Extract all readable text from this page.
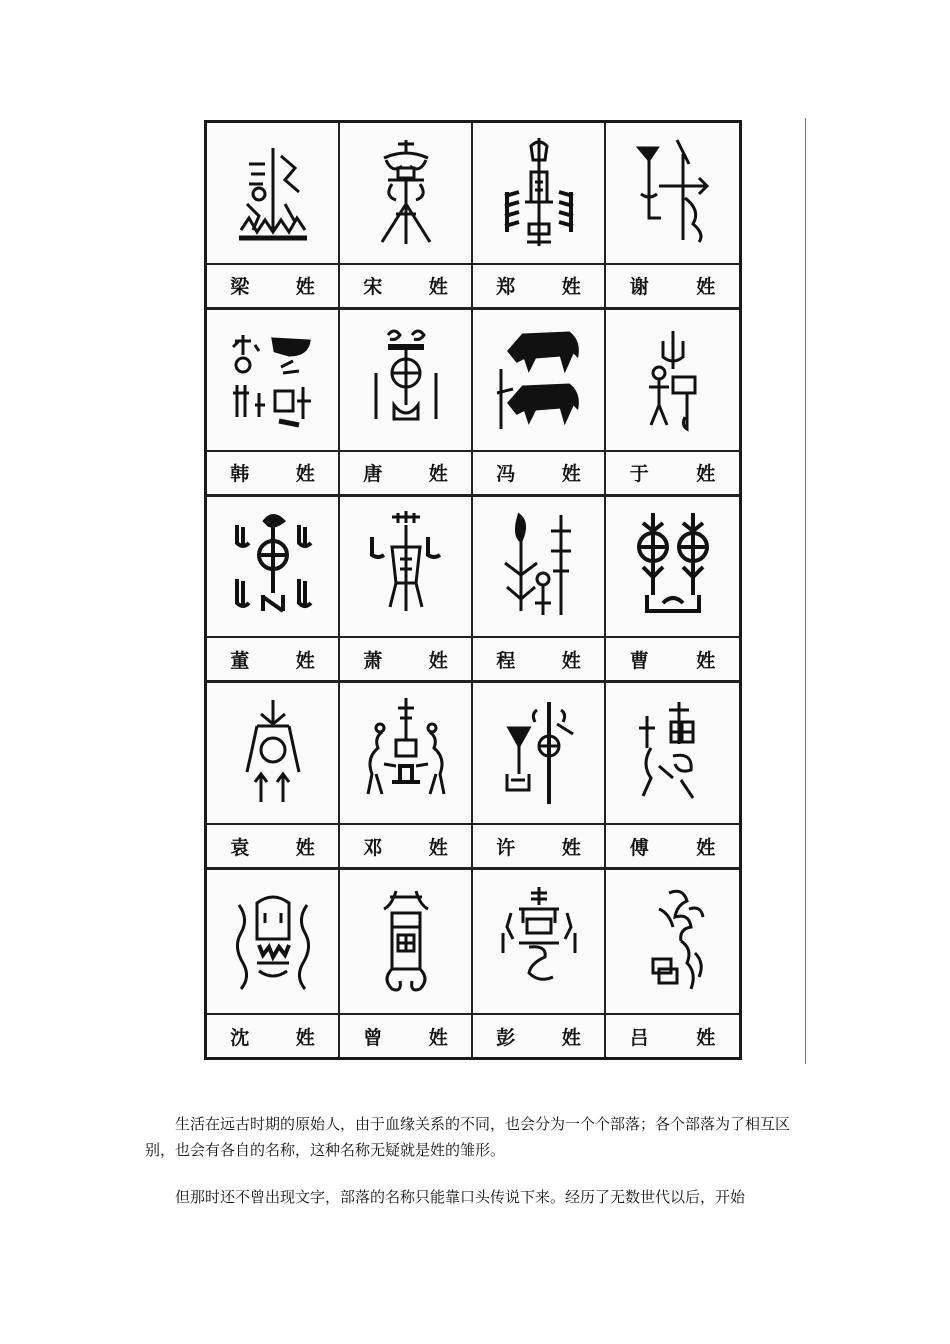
梁 姓	宋 姓	郑 姓	谢 姓
韩 姓	唐 姓	冯 姓	于 姓
董 姓	萧 姓	程 姓	曹 姓
袁 姓	邓 姓	许 姓	傅 姓
沈 姓	曾 姓	彭 姓	吕 姓

生活在远古时期的原始人，由于血缘关系的不同，也会分为一个个部落；各个部落为了相互区别，也会有各自的名称，这种名称无疑就是姓的雏形。

但那时还不曾出现文字，部落的名称只能靠口头传说下来。经历了无数世代以后，开始
